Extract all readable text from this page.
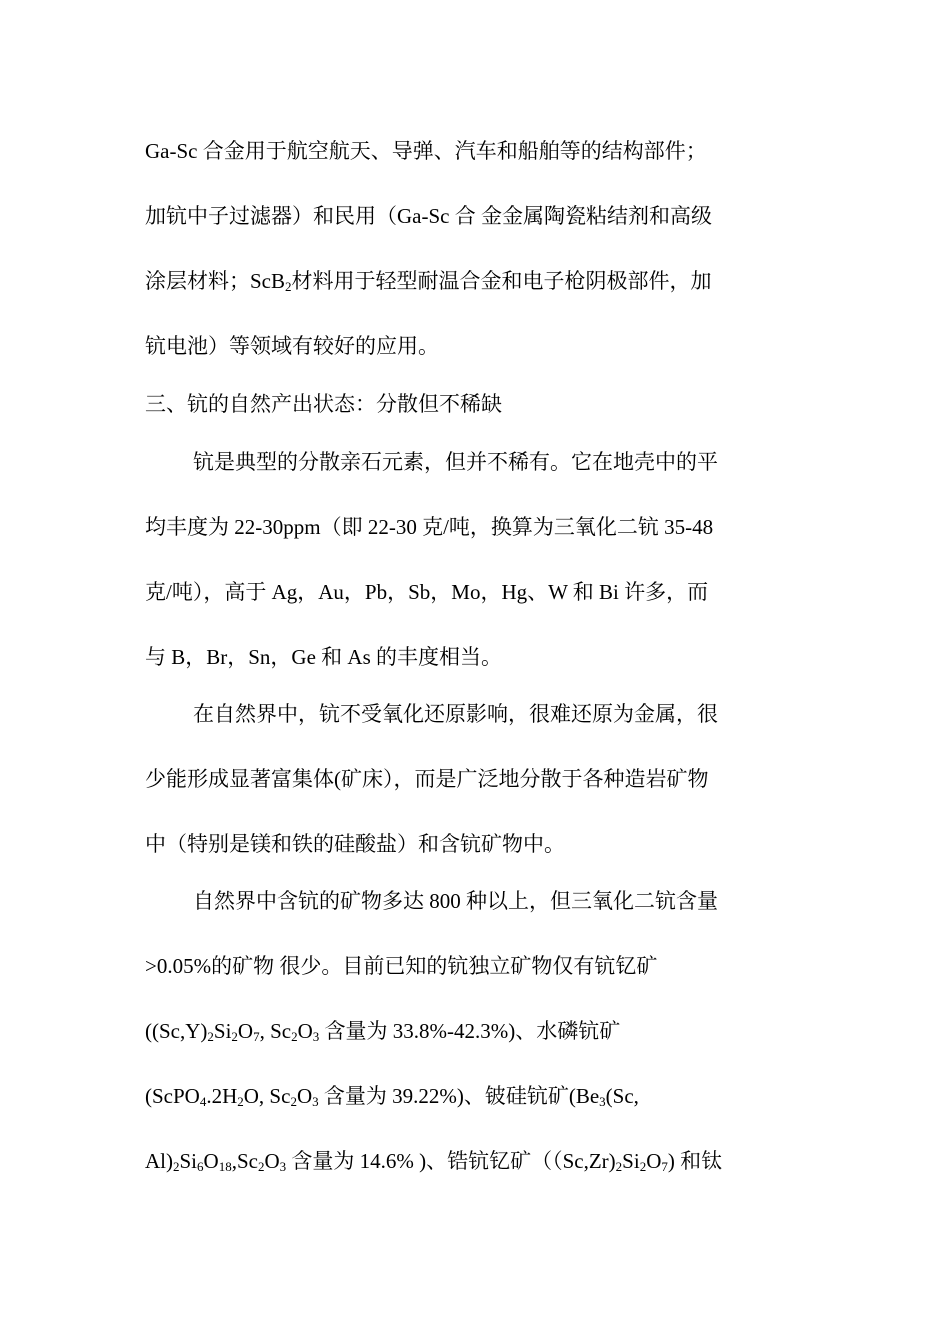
Ga-Sc 合金用于航空航天、导弹、汽车和船舶等的结构部件；
加钪中子过滤器）和民用（Ga-Sc 合 金金属陶瓷粘结剂和高级
涂层材料；ScB$_2$材料用于轻型耐温合金和电子枪阴极部件，加
钪电池）等领域有较好的应用。
三、钪的自然产出状态：分散但不稀缺
钪是典型的分散亲石元素，但并不稀有。它在地壳中的平
均丰度为 22-30ppm（即 22-30 克/吨，换算为三氧化二钪 35-48
克/吨），高于 Ag，Au，Pb，Sb，Mo，Hg、W 和 Bi 许多，而
与 B，Br，Sn，Ge 和 As 的丰度相当。
在自然界中，钪不受氧化还原影响，很难还原为金属，很
少能形成显著富集体(矿床），而是广泛地分散于各种造岩矿物
中（特别是镁和铁的硅酸盐）和含钪矿物中。
自然界中含钪的矿物多达 800 种以上，但三氧化二钪含量
>0.05%的矿物 很少。目前已知的钪独立矿物仅有钪钇矿
($(Sc,Y)_2Si_2O_7$, $Sc_2O_3$ 含量为 33.8%-42.3%)、水磷钪矿
($ScPO_4.2H_2O$, $Sc_2O_3$ 含量为 39.22%)、铍硅钪矿($Be_3(Sc$,
$Al)_2Si_6O_{18},Sc_2O_3$ 含量为 14.6% )、锆钪钇矿$((Sc,Zr)_2Si_2O_7)$ 和钛
